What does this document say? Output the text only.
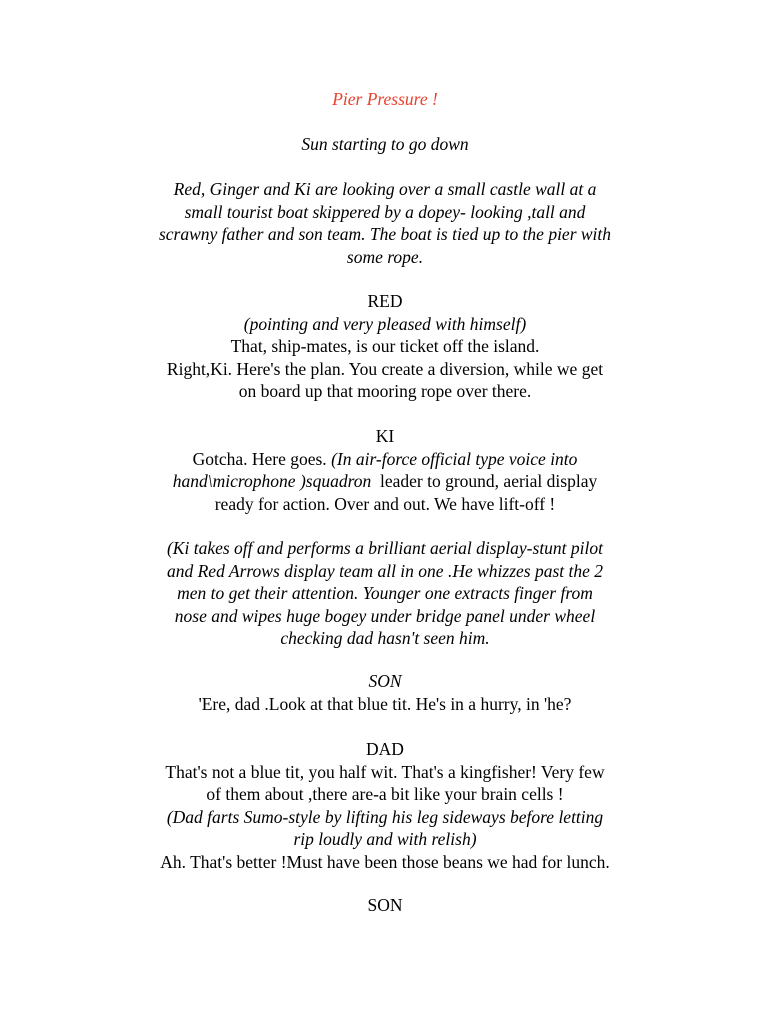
Pier Pressure !
Sun starting to go down
Red, Ginger and Ki are looking over a small castle wall at a
small tourist boat skippered by a dopey- looking ,tall and
scrawny father and son team. The boat is tied up to the pier with
some rope.
RED
(pointing and very pleased with himself)
That, ship-mates, is our ticket off the island.
Right,Ki. Here's the plan. You create a diversion, while we get
on board up that mooring rope over there.
KI
Gotcha. Here goes. (In air-force official type voice into
hand\microphone )squadron  leader to ground, aerial display
ready for action. Over and out. We have lift-off !
(Ki takes off and performs a brilliant aerial display-stunt pilot
and Red Arrows display team all in one .He whizzes past the 2
men to get their attention. Younger one extracts finger from
nose and wipes huge bogey under bridge panel under wheel
checking dad hasn't seen him.
SON
'Ere, dad .Look at that blue tit. He's in a hurry, in 'he?
DAD
That's not a blue tit, you half wit. That's a kingfisher! Very few
of them about ,there are-a bit like your brain cells !
(Dad farts Sumo-style by lifting his leg sideways before letting
rip loudly and with relish)
Ah. That's better !Must have been those beans we had for lunch.
SON
